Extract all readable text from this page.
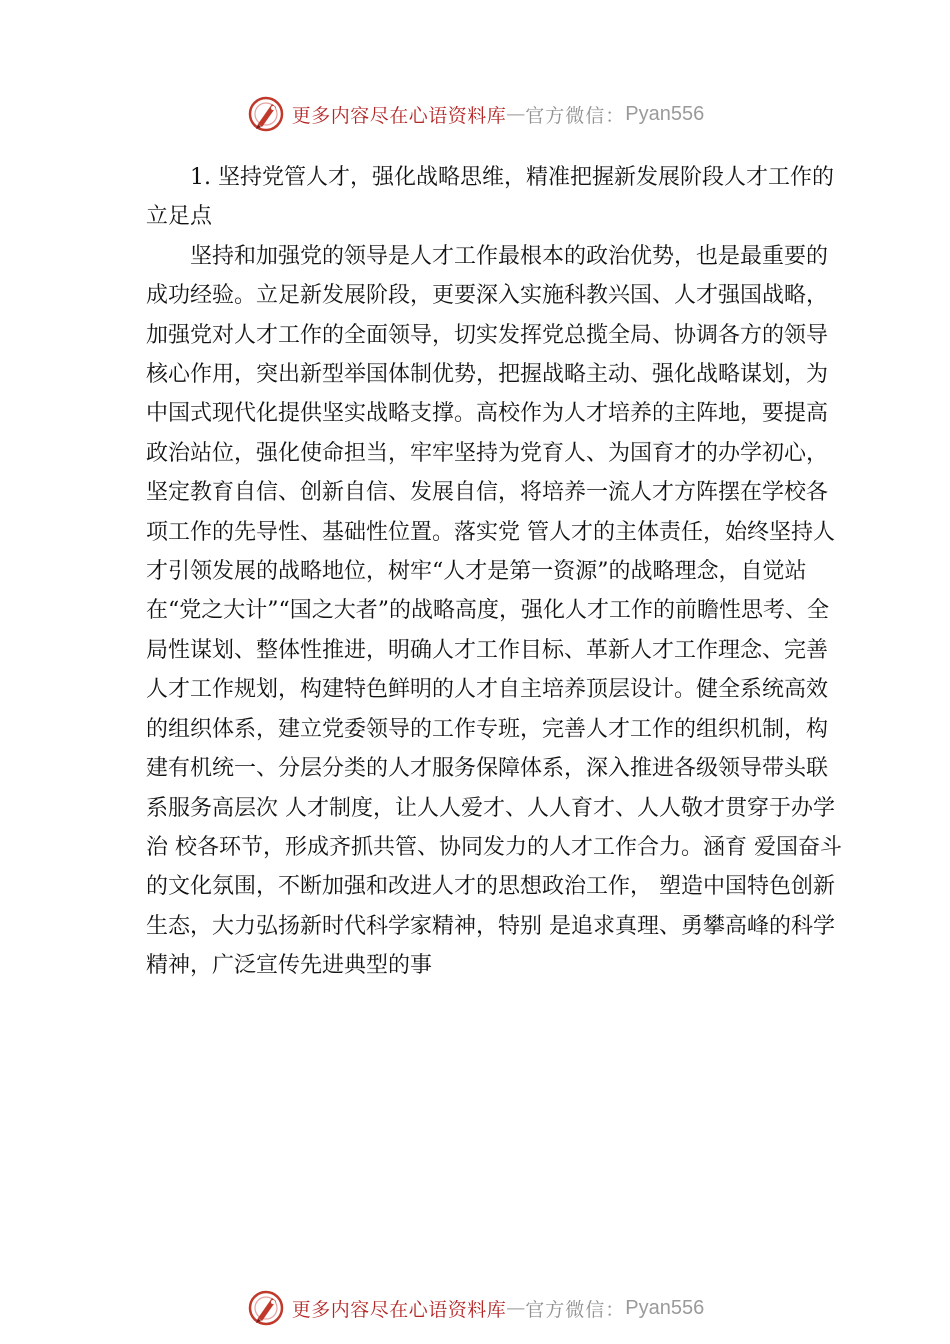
更多内容尽在心语资料库 — 官方微信： Pyan556

1. 坚持党管人才，强化战略思维，精准把握新发展阶段人才工作的立足点

坚持和加强党的领导是人才工作最根本的政治优势，也是最重要的成功经验。立足新发展阶段，更要深入实施科教兴国、人才强国战略，加强党对人才工作的全面领导，切实发挥党总揽全局、协调各方的领导核心作用，突出新型举国体制优势，把握战略主动、强化战略谋划，为中国式现代化提供坚实战略支撑。高校作为人才培养的主阵地，要提高政治站位，强化使命担当，牢牢坚持为党育人、为国育才的办学初心，坚定教育自信、创新自信、发展自信，将培养一流人才方阵摆在学校各项工作的先导性、基础性位置。落实党 管人才的主体责任，始终坚持人才引领发展的战略地位，树牢“人才是第一资源”的战略理念，自觉站在“党之大计”“国之大者”的战略高度，强化人才工作的前瞻性思考、全局性谋划、整体性推进，明确人才工作目标、革新人才工作理念、完善人才工作规划，构建特色鲜明的人才自主培养顶层设计。健全系统高效的组织体系，建立党委领导的工作专班，完善人才工作的组织机制，构建有机统一、分层分类的人才服务保障体系，深入推进各级领导带头联系服务高层次 人才制度，让人人爱才、人人育才、人人敬才贯穿于办学治 校各环节，形成齐抓共管、协同发力的人才工作合力。涵育 爱国奋斗的文化氛围，不断加强和改进人才的思想政治工作， 塑造中国特色创新生态，大力弘扬新时代科学家精神，特别 是追求真理、勇攀高峰的科学精神，广泛宣传先进典型的事

更多内容尽在心语资料库 — 官方微信： Pyan556
